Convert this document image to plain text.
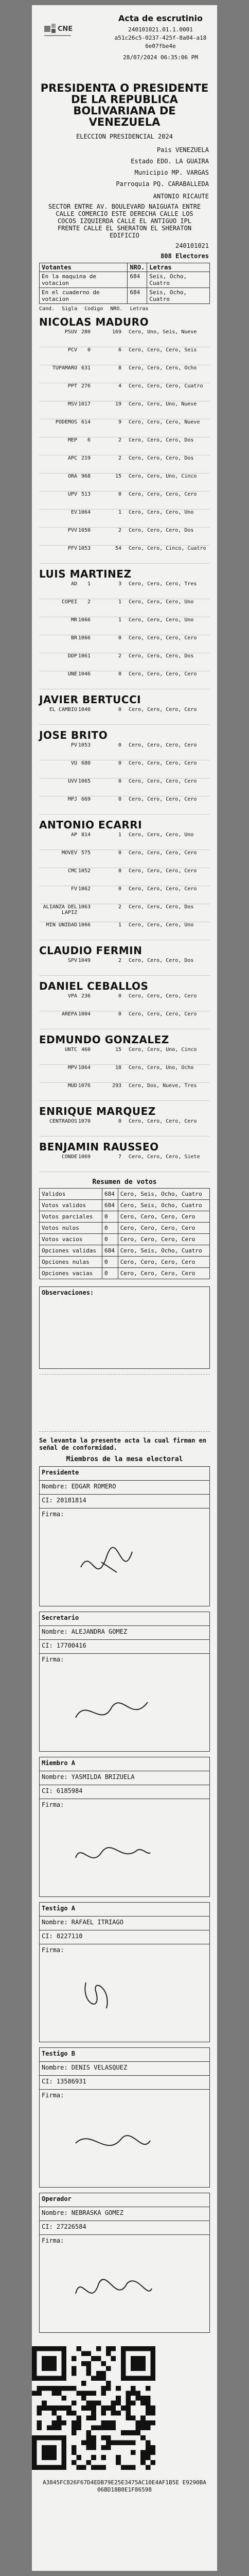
CNE
Acta de escrutinio
240101021.01.1.0001
a51c26c5-0237-425f-8a04-a186e07fbe4e
28/07/2024 06:35:06 PM
PRESIDENTA O PRESIDENTE DE LA REPUBLICA BOLIVARIANA DE VENEZUELA
ELECCION PRESIDENCIAL 2024
Pais VENEZUELA
Estado EDO. LA GUAIRA
Municipio MP. VARGAS
Parroquia PQ. CARABALLEDA
ANTONIO RICAUTE
SECTOR ENTRE AV. BOULEVARD NAIGUATA ENTRE CALLE COMERCIO ESTE DERECHA CALLE LOS COCOS IZQUIERDA CALLE EL ANTIGUO IPL FRENTE CALLE EL SHERATON EL SHERATON EDIFICIO
240101021
808 Electores
Votantes	NRO.	Letras
En la maquina de votacion	684	Seis, Ocho, Cuatro
En el cuaderno de votacion	684	Seis, Ocho, Cuatro
Cand. Sigla Codigo NRO. Letras
NICOLAS MADURO
PSUV 280	169	Cero, Uno, Seis, Nueve
PCV	0	6	Cero, Cero, Cero, Seis
TUPAMARO 631	8	Cero, Cero, Cero, Ocho
PPT 276	4	Cero, Cero, Cero, Cuatro
MSV 1017	19	Cero, Cero, Uno, Nueve
PODEMOS 614	9	Cero, Cero, Cero, Nueve
MEP	6	2	Cero, Cero, Cero, Dos
APC 219	2	Cero, Cero, Cero, Dos
ORA 968	15	Cero, Cero, Uno, Cinco
UPV 513	0	Cero, Cero, Cero, Cero
EV 1064	1	Cero, Cero, Cero, Uno
PVV 1050	2	Cero, Cero, Cero, Dos
PFV 1053	54	Cero, Cero, Cinco, Cuatro
LUIS MARTINEZ
AD	1	3	Cero, Cero, Cero, Tres
COPEI	2	1	Cero, Cero, Cero, Uno
MR 1066	1	Cero, Cero, Cero, Uno
BR 1066	0	Cero, Cero, Cero, Cero
DDP 1061	2	Cero, Cero, Cero, Dos
UNE 1046	0	Cero, Cero, Cero, Cero
JAVIER BERTUCCI
EL CAMBIO 1040	0	Cero, Cero, Cero, Cero
JOSE BRITO
PV 1053	0	Cero, Cero, Cero, Cero
VU 680	0	Cero, Cero, Cero, Cero
UVV 1065	0	Cero, Cero, Cero, Cero
MPJ 669	0	Cero, Cero, Cero, Cero
ANTONIO ECARRI
AP 814	1	Cero, Cero, Cero, Uno
MOVEV 575	0	Cero, Cero, Cero, Cero
CMC 1052	0	Cero, Cero, Cero, Cero
FV 1062	0	Cero, Cero, Cero, Cero
ALIANZA DEL LAPIZ
1063	2	Cero, Cero, Cero, Dos
MIN UNIDAD 1066	1	Cero, Cero, Cero, Uno
CLAUDIO FERMIN
SPV 1049	2	Cero, Cero, Cero, Dos
DANIEL CEBALLOS
VPA 236	0	Cero, Cero, Cero, Cero
AREPA 1004	0	Cero, Cero, Cero, Cero
EDMUNDO GONZALEZ
UNTC 460	15	Cero, Cero, Uno, Cinco
MPV 1064	18	Cero, Cero, Uno, Ocho
MUD 1076	293	Cero, Dos, Nueve, Tres
ENRIQUE MARQUEZ
CENTRADOS 1070	0	Cero, Cero, Cero, Cero
BENJAMIN RAUSSEO
CONDE 1069	7	Cero, Cero, Cero, Siete
Resumen de votos
Validos	684	Cero, Seis, Ocho, Cuatro
Votos validos	684	Cero, Seis, Ocho, Cuatro
Votos parciales	0	Cero, Cero, Cero, Cero
Votos nulos	0	Cero, Cero, Cero, Cero
Votos vacios	0	Cero, Cero, Cero, Cero
Opciones validas	684	Cero, Seis, Ocho, Cuatro
Opciones nulas	0	Cero, Cero, Cero, Cero
Opciones vacias	0	Cero, Cero, Cero, Cero
Observaciones:
Se levanta la presente acta la cual firman en señal de conformidad.
Miembros de la mesa electoral
Presidente
Nombre: EDGAR ROMERO
CI: 20181814
Firma:
Secretario
Nombre: ALEJANDRA GOMEZ
CI: 17700416
Firma:
Miembro A
Nombre: YASMILDA BRIZUELA
CI: 6185984
Firma:
Testigo A
Nombre: RAFAEL ITRIAGO
CI: 8227110
Firma:
Testigo B
Nombre: DENIS VELASQUEZ
CI: 13586931
Firma:
Operador
Nombre: NEBRASKA GOMEZ
CI: 27226584
Firma:
A3845FC826F67D4EDB79E25E3475AC10E4AF1B5E E9290BA06BD18B0E1F86598
